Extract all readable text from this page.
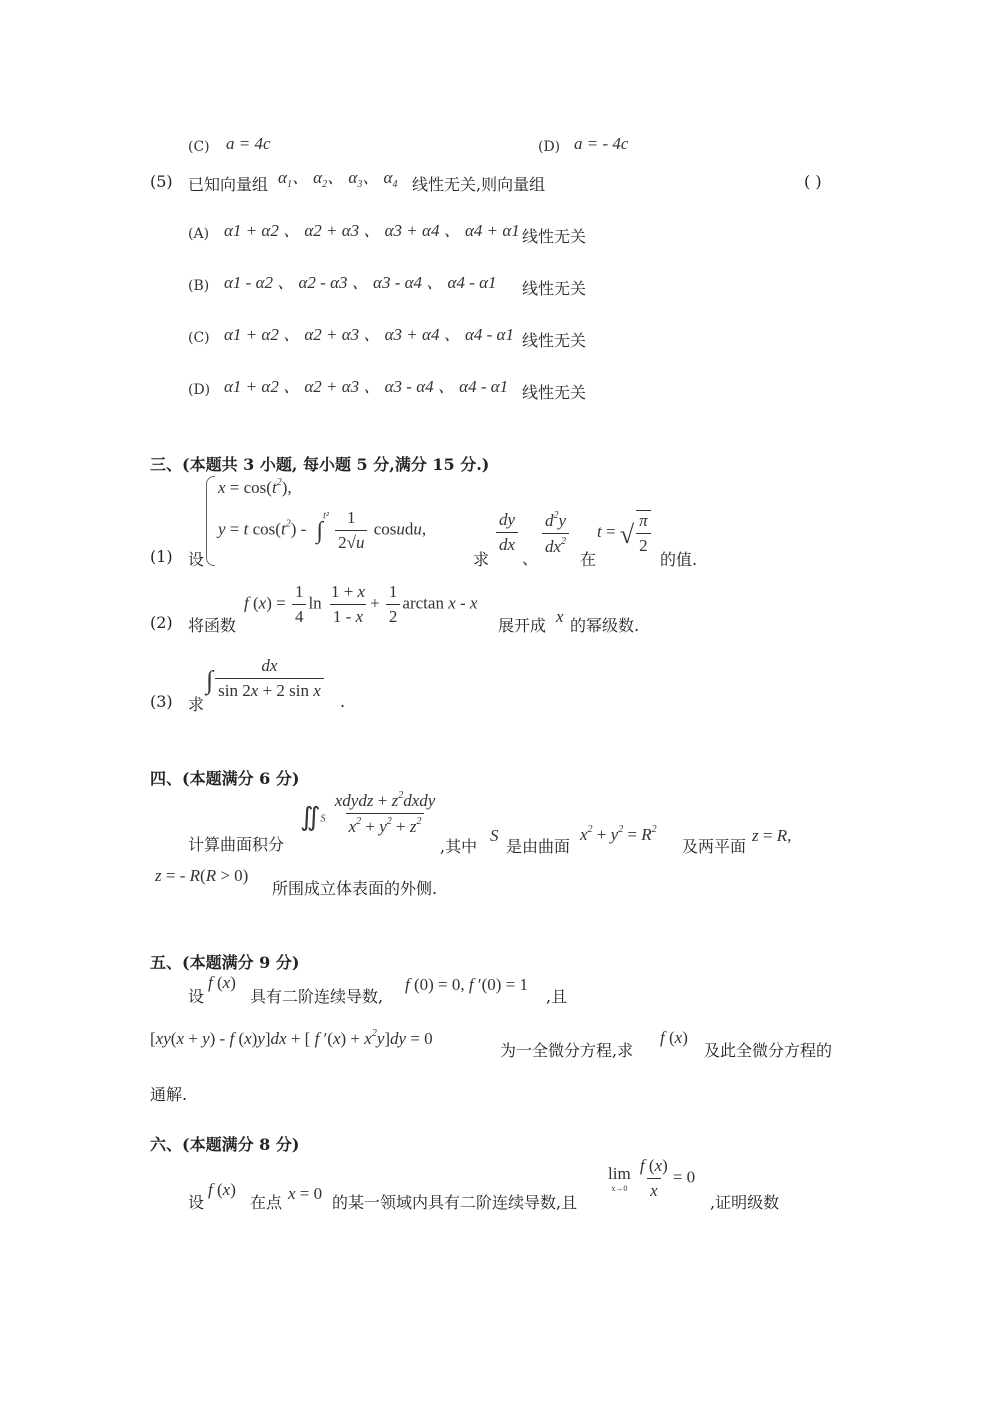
(C) a = 4c	(D) a = - 4c
(5) 已知向量组 $\alpha_1$、 $\alpha_2$、 $\alpha_3$、 $\alpha_4$ 线性无关,则向量组	( )
(A) α1 + α2 、 α2 + α3 、 α3 + α4 、 α4 + α1 线性无关
(B) α1 - α2 、 α2 - α3 、 α3 - α4 、 α4 - α1 线性无关
(C) α1 + α2 、 α2 + α3 、 α3 + α4 、 α4 - α1 线性无关
(D) α1 + α2 、 α2 + α3 、 α3 - α4 、 α4 - α1 线性无关
三、(本题共 3 小题, 每小题 5 分,满分 15 分.)
$x = \cos(t^2)$,
y = t $\cos(t^2) - \int^{t^2} \frac{1}{2√u}$ cosudu,
(1) 设	求
$\frac{dy}{dx}$
、
$\frac{d^2y}{dx^2}$
在
t = √ $\frac{\pi}{2}$
的值.
(2) 将函数
f $(x) = \frac{1}{4}$ $\ln \frac{1 + x}{1 - x} + \frac{1}{2}$ arctan x - x
展开成 x 的幂级数.
(3) 求
∫ $\frac{dx}{\text{sin 2x + 2 sin x}}$
.
四、(本题满分 6 分)
计算曲面积分
$∬_S \frac{xdydz + z^2dxdy}{x^2 + y^2 + z^2}$
,其中
S
是由曲面
$x^2 + y^2 = R^2$
及两平面
z = R,
z = - R(R > 0)
所围成立体表面的外侧.
五、(本题满分 9 分)
设
f (x)
具有二阶连续导数,
f (0) = 0, f ′(0) = 1
,且
[xy(x + y) - f (x)y]dx + [ f $'(x) + x^2y]dy = 0$
为一全微分方程,求
f (x)
及此全微分方程的
通解.
六、(本题满分 8 分)
设
f (x)
在点 x = 0 的某一领域内具有二阶连续导数,且
lim
x→0
$\frac{f (x)}{x} = 0$
,证明级数
